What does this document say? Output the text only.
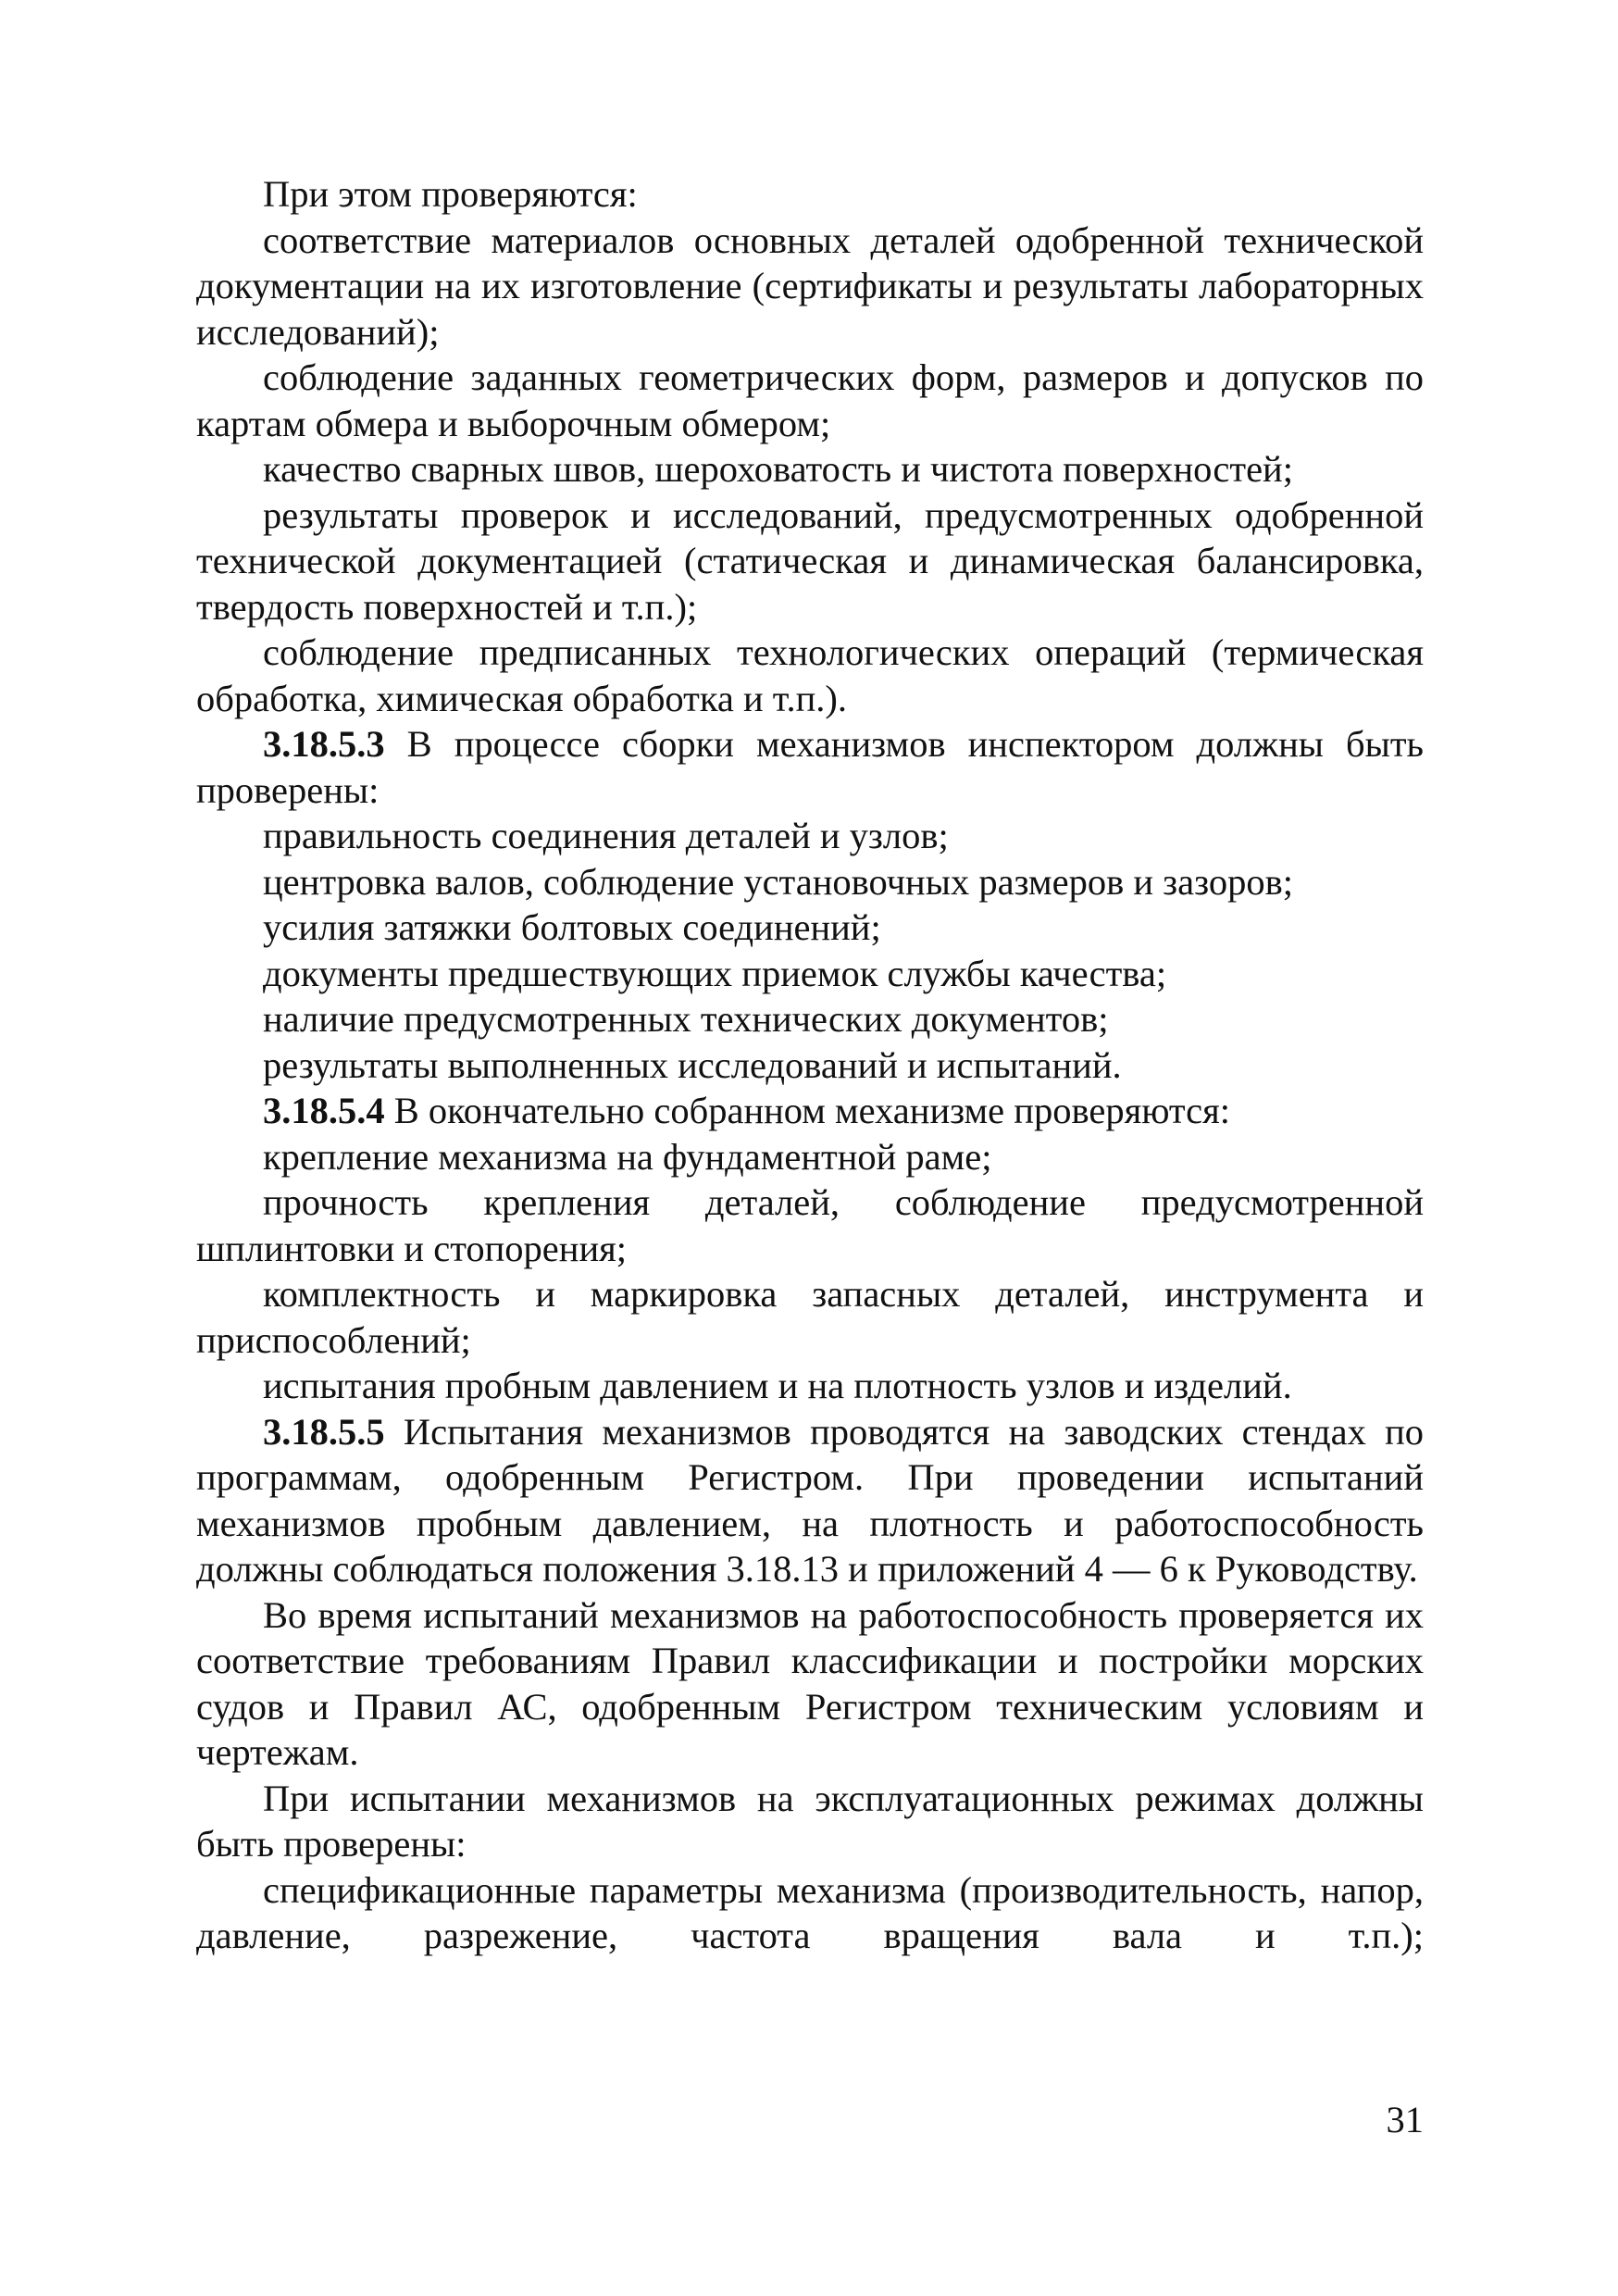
При этом проверяются:

соответствие материалов основных деталей одобренной технической документации на их изготовление (сертификаты и результаты лабораторных исследований);

соблюдение заданных геометрических форм, размеров и допусков по картам обмера и выборочным обмером;

качество сварных швов, шероховатость и чистота поверхностей;

результаты проверок и исследований, предусмотренных одобренной технической документацией (статическая и динамическая балансировка, твердость поверхностей и т.п.);

соблюдение предписанных технологических операций (термическая обработка, химическая обработка и т.п.).

3.18.5.3 В процессе сборки механизмов инспектором должны быть проверены:

правильность соединения деталей и узлов;

центровка валов, соблюдение установочных размеров и зазоров;

усилия затяжки болтовых соединений;

документы предшествующих приемок службы качества;

наличие предусмотренных технических документов;

результаты выполненных исследований и испытаний.

3.18.5.4 В окончательно собранном механизме проверяются:

крепление механизма на фундаментной раме;

прочность крепления деталей, соблюдение предусмотренной шплинтовки и стопорения;

комплектность и маркировка запасных деталей, инструмента и приспособлений;

испытания пробным давлением и на плотность узлов и изделий.

3.18.5.5 Испытания механизмов проводятся на заводских стендах по программам, одобренным Регистром. При проведении испытаний механизмов пробным давлением, на плотность и работоспособность должны соблюдаться положения 3.18.13 и приложений 4 — 6 к Руководству.

Во время испытаний механизмов на работоспособность проверяется их соответствие требованиям Правил классификации и постройки морских судов и Правил АС, одобренным Регистром техническим условиям и чертежам.

При испытании механизмов на эксплуатационных режимах должны быть проверены:

спецификационные параметры механизма (производительность, напор, давление, разрежение, частота вращения вала и т.п.);

31
